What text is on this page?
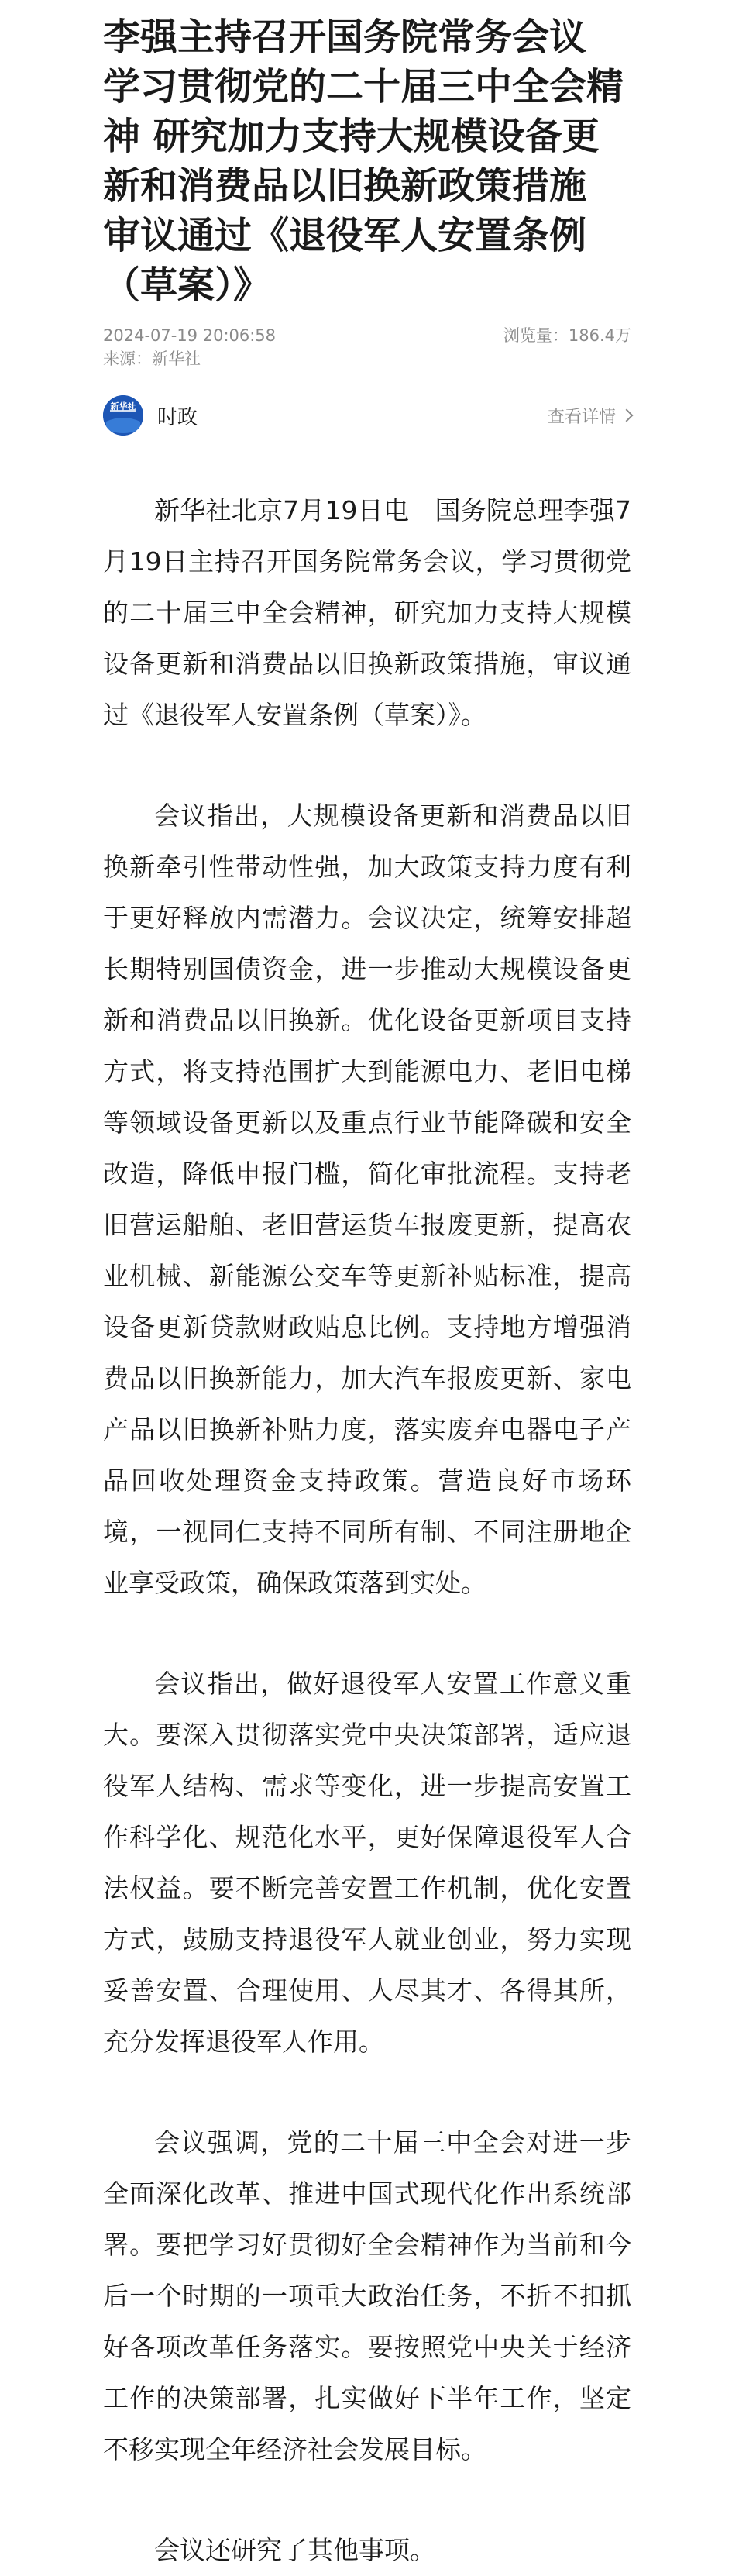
李强主持召开国务院常务会议 学习贯彻党的二十届三中全会精神 研究加力支持大规模设备更新和消费品以旧换新政策措施 审议通过《退役军人安置条例（草案）》
2024-07-19 20:06:58	浏览量：186.4万
来源：新华社
新华社 时政	查看详情

新华社北京7月19日电　国务院总理李强7月19日主持召开国务院常务会议，学习贯彻党的二十届三中全会精神，研究加力支持大规模设备更新和消费品以旧换新政策措施，审议通过《退役军人安置条例（草案）》。

会议指出，大规模设备更新和消费品以旧换新牵引性带动性强，加大政策支持力度有利于更好释放内需潜力。会议决定，统筹安排超长期特别国债资金，进一步推动大规模设备更新和消费品以旧换新。优化设备更新项目支持方式，将支持范围扩大到能源电力、老旧电梯等领域设备更新以及重点行业节能降碳和安全改造，降低申报门槛，简化审批流程。支持老旧营运船舶、老旧营运货车报废更新，提高农业机械、新能源公交车等更新补贴标准，提高设备更新贷款财政贴息比例。支持地方增强消费品以旧换新能力，加大汽车报废更新、家电产品以旧换新补贴力度，落实废弃电器电子产品回收处理资金支持政策。营造良好市场环境，一视同仁支持不同所有制、不同注册地企业享受政策，确保政策落到实处。

会议指出，做好退役军人安置工作意义重大。要深入贯彻落实党中央决策部署，适应退役军人结构、需求等变化，进一步提高安置工作科学化、规范化水平，更好保障退役军人合法权益。要不断完善安置工作机制，优化安置方式，鼓励支持退役军人就业创业，努力实现妥善安置、合理使用、人尽其才、各得其所，充分发挥退役军人作用。

会议强调，党的二十届三中全会对进一步全面深化改革、推进中国式现代化作出系统部署。要把学习好贯彻好全会精神作为当前和今后一个时期的一项重大政治任务，不折不扣抓好各项改革任务落实。要按照党中央关于经济工作的决策部署，扎实做好下半年工作，坚定不移实现全年经济社会发展目标。

会议还研究了其他事项。
